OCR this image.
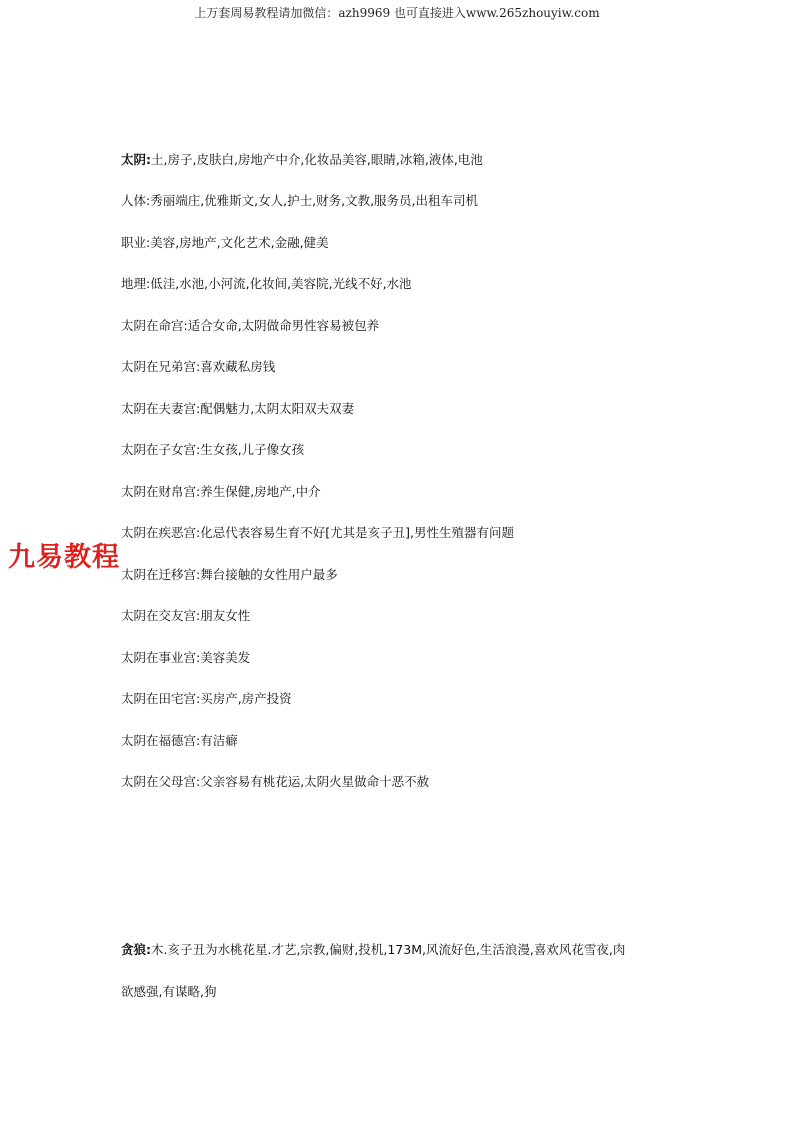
上万套周易教程请加微信：azh9969 也可直接进入www.265zhouyiw.com
太阴:土,房子,皮肤白,房地产中介,化妆品美容,眼睛,冰箱,液体,电池
人体:秀丽端庄,优雅斯文,女人,护士,财务,文教,服务员,出租车司机
职业:美容,房地产,文化艺术,金融,健美
地理:低洼,水池,小河流,化妆间,美容院,光线不好,水池
太阴在命宫:适合女命,太阴做命男性容易被包养
太阴在兄弟宫:喜欢藏私房钱
太阴在夫妻宫:配偶魅力,太阴太阳双夫双妻
太阴在子女宫:生女孩,儿子像女孩
太阴在财帛宫:养生保健,房地产,中介
太阴在疾恶宫:化忌代表容易生育不好[尤其是亥子丑],男性生殖器有问题
太阴在迁移宫:舞台接触的女性用户最多
太阴在交友宫:朋友女性
太阴在事业宫:美容美发
太阴在田宅宫:买房产,房产投资
太阴在福德宫:有洁癖
太阴在父母宫:父亲容易有桃花运,太阴火星做命十恶不赦
贪狼:木.亥子丑为水桃花星.才艺,宗教,偏财,投机,173M,风流好色,生活浪漫,喜欢风花雪夜,肉
欲感强,有谋略,狗
九易教程
